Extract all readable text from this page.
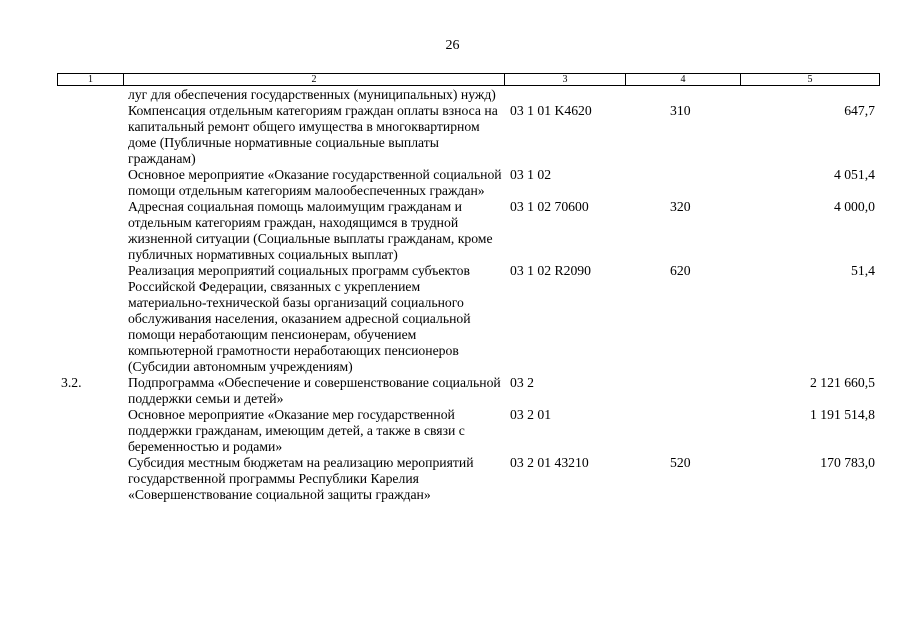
26
1	2	3	4	5
	луг для обеспечения государственных (муниципальных) нужд)			
	Компенсация отдельным категориям граждан оплаты взноса на капитальный ремонт общего имущества в многоквартирном доме (Публичные нормативные социальные выплаты гражданам)	03 1 01 K4620	310	647,7
	Основное мероприятие «Оказание государственной социальной помощи отдельным категориям малообеспеченных граждан»	03 1 02		4 051,4
	Адресная социальная помощь малоимущим гражданам и отдельным категориям граждан, находящимся в трудной жизненной ситуации (Социальные выплаты гражданам, кроме публичных нормативных социальных выплат)	03 1 02 70600	320	4 000,0
	Реализация мероприятий социальных программ субъектов Российской Федерации, связанных с укреплением материально-технической базы организаций социального обслуживания населения, оказанием адресной социальной помощи неработающим пенсионерам, обучением компьютерной грамотности неработающих пенсионеров (Субсидии автономным учреждениям)	03 1 02 R2090	620	51,4
3.2.	Подпрограмма «Обеспечение и совершенствование социальной поддержки семьи и детей»	03 2		2 121 660,5
	Основное мероприятие «Оказание мер государственной поддержки гражданам, имеющим детей, а также в связи с беременностью и родами»	03 2 01		1 191 514,8
	Субсидия местным бюджетам на реализацию мероприятий государственной программы Республики Карелия «Совершенствование социальной защиты граждан»	03 2 01 43210	520	170 783,0
